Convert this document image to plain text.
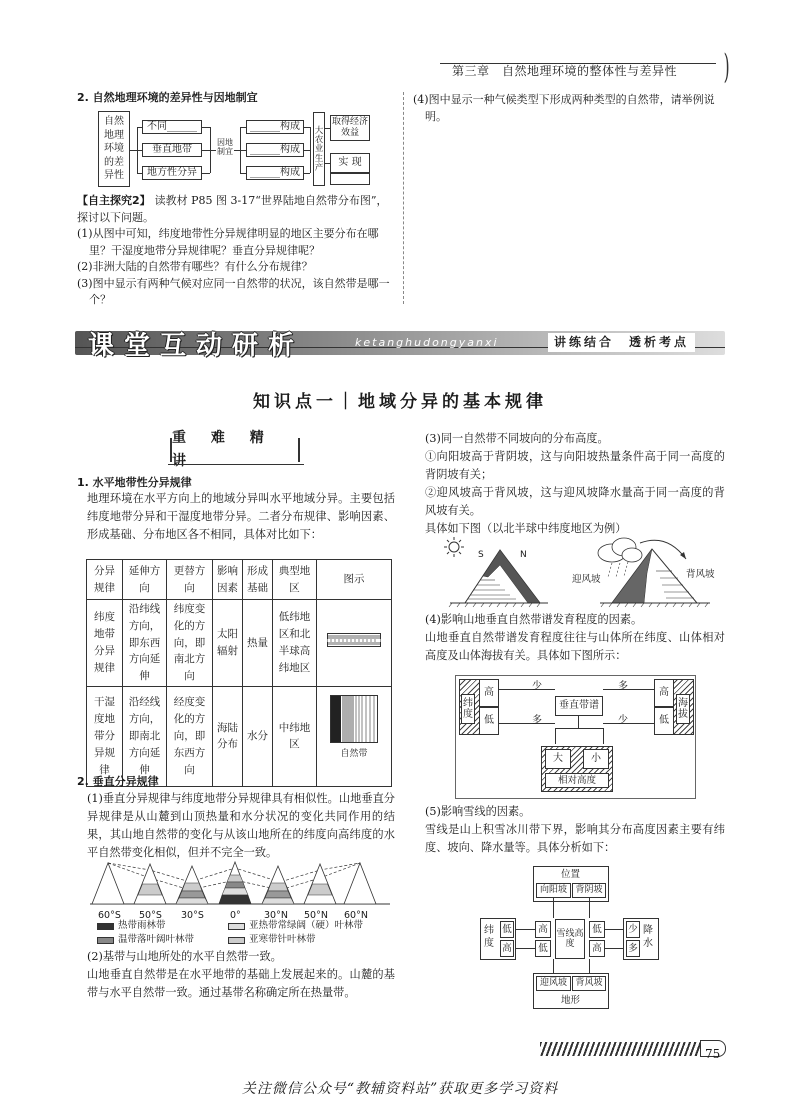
第三章　自然地理环境的整体性与差异性 )
2. 自然地理环境的差异性与因地制宜
自然
地理
环境
的差
异性
不同______
垂直地带
地方性分异
因地制宜
______构成
______构成
______构成
大农业生产
取得经济效益
实 现

【自主探究2】 读教材 P85 图 3-17“世界陆地自然带分布图”，探讨以下问题。

(1)从图中可知，纬度地带性分异规律明显的地区主要分布在哪里？干湿度地带分异规律呢？垂直分异规律呢？

(2)非洲大陆的自然带有哪些？有什么分布规律？

(3)图中显示有两种气候对应同一自然带的状况，该自然带是哪一个？

(4)图中显示一种气候类型下形成两种类型的自然带，请举例说明。
课堂互动研析	ketanghudongyanxi	讲练结合　透析考点
知识点一｜地域分异的基本规律
重 难 精 讲
1. 水平地带性分异规律
地理环境在水平方向上的地域分异叫水平地域分异。主要包括纬度地带分异和干湿度地带分异。二者分布规律、影响因素、形成基础、分布地区各不相同，具体对比如下：
分异规律	延伸方向	更替方向	影响因素	形成基础	典型地区	图示
纬度地带分异规律	沿纬线方向，即东西方向延伸	纬度变化的方向，即南北方向	太阳辐射	热量	低纬地区和北半球高纬地区	
干湿度地带分异规律	沿经线方向，即南北方向延伸	经度变化的方向，即东西方向	海陆分布	水分	中纬地区	自然带
2. 垂直分异规律
(1)垂直分异规律与纬度地带分异规律具有相似性。山地垂直分异规律是从山麓到山顶热量和水分状况的变化共同作用的结果，其山地自然带的变化与从该山地所在的纬度向高纬度的水平自然带变化相似，但并不完全一致。
60°S 50°S 30°S	0° 30°N 50°N 60°N
热带雨林带	亚热带常绿阔（硬）叶林带
温带落叶阔叶林带	亚寒带针叶林带
(2)基带与山地所处的水平自然带一致。
山地垂直自然带是在水平地带的基础上发展起来的。山麓的基带与水平自然带一致。通过基带名称确定所在热量带。

(3)同一自然带不同坡向的分布高度。

①向阳坡高于背阴坡，这与向阳坡热量条件高于同一高度的背阴坡有关；

②迎风坡高于背风坡，这与迎风坡降水量高于同一高度的背风坡有关。

具体如下图（以北半球中纬度地区为例）

S	N
迎风坡	背风坡

(4)影响山地垂直自然带谱发育程度的因素。

山地垂直自然带谱发育程度往往与山体所在纬度、山体相对高度及山体海拔有关。具体如下图所示：

纬度
高
低
海拔
高
低
垂直带谱
少
多
多
少
大	小
相对高度

(5)影响雪线的因素。

雪线是山上积雪冰川带下界，影响其分布高度因素主要有纬度、坡向、降水量等。具体分析如下：

位置
向阳坡 背阴坡
纬度
低
高
高
低
雪线高度
低
高
少
多
降水
迎风坡 背风坡
地形
75
关注微信公众号“教辅资料站”获取更多学习资料
